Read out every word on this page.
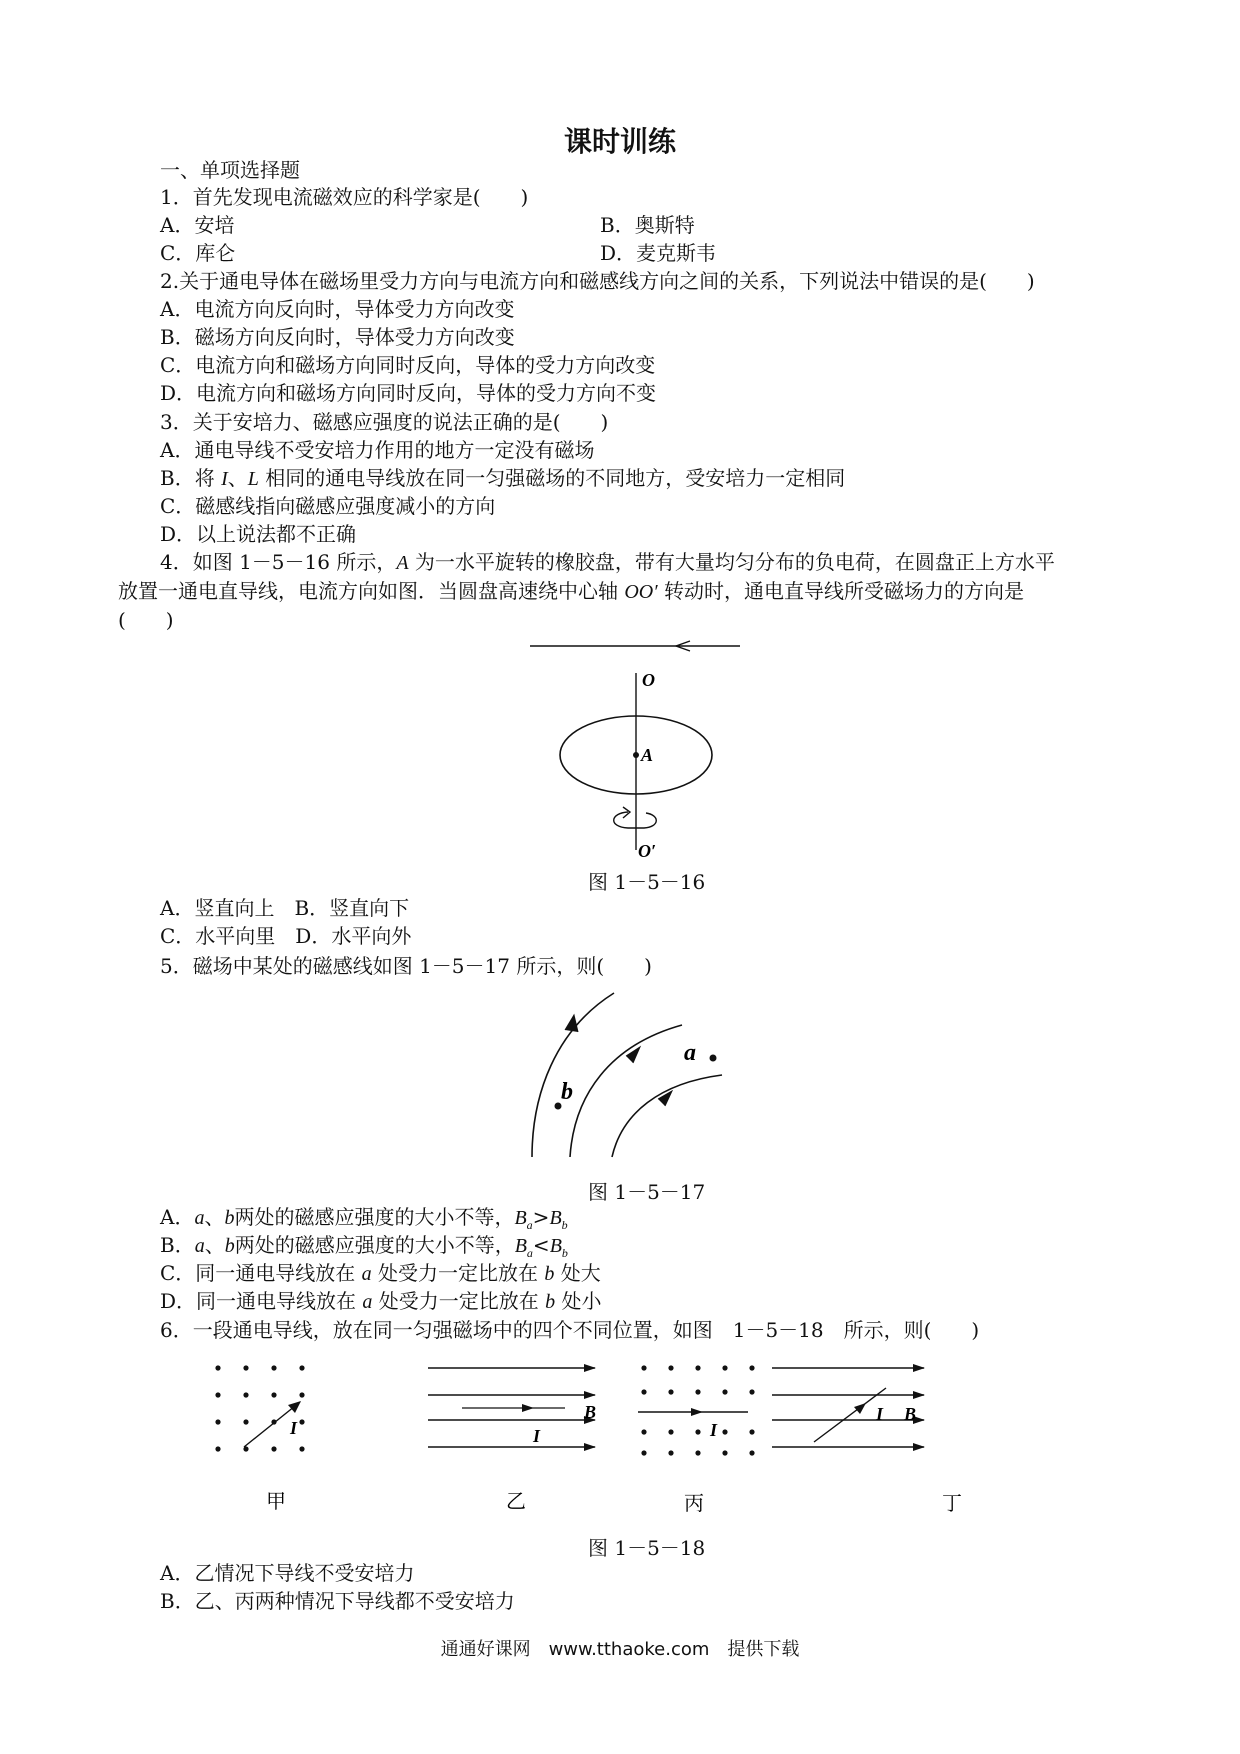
课时训练
一、单项选择题
1．首先发现电流磁效应的科学家是(　　)
A．安培	B．奥斯特
C．库仑	D．麦克斯韦
2.关于通电导体在磁场里受力方向与电流方向和磁感线方向之间的关系，下列说法中错误的是(　　)
A．电流方向反向时，导体受力方向改变
B．磁场方向反向时，导体受力方向改变
C．电流方向和磁场方向同时反向，导体的受力方向改变
D．电流方向和磁场方向同时反向，导体的受力方向不变
3．关于安培力、磁感应强度的说法正确的是(　　)
A．通电导线不受安培力作用的地方一定没有磁场
B．将 I、L 相同的通电导线放在同一匀强磁场的不同地方，受安培力一定相同
C．磁感线指向磁感应强度减小的方向
D．以上说法都不正确
4．如图 1－5－16 所示，A 为一水平旋转的橡胶盘，带有大量均匀分布的负电荷，在圆盘正上方水平
放置一通电直导线，电流方向如图．当圆盘高速绕中心轴 OO′ 转动时，通电直导线所受磁场力的方向是
(　　)
O
A
O′
图 1－5－16
A．竖直向上　B．竖直向下
C．水平向里　D．水平向外
5．磁场中某处的磁感线如图 1－5－17 所示，则(　　)
b
a
图 1－5－17
A．a、b两处的磁感应强度的大小不等，$B_a>B_b$
B．a、b两处的磁感应强度的大小不等，$B_a<B_b$
C．同一通电导线放在 a 处受力一定比放在 b 处大
D．同一通电导线放在 a 处受力一定比放在 b 处小
6．一段通电导线，放在同一匀强磁场中的四个不同位置，如图　1－5－18　所示，则(　　)
I
B
I	I
I B
甲	乙	丙	丁
图 1－5－18
A．乙情况下导线不受安培力
B．乙、丙两种情况下导线都不受安培力
通通好课网　www.tthaoke.com　提供下载
